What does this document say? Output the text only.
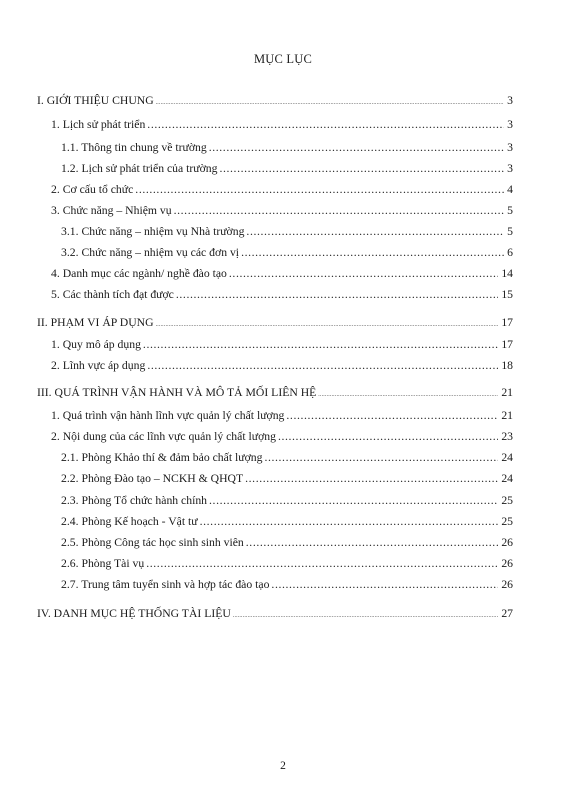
MỤC LỤC
I. GIỚI THIỆU CHUNG .....	3
1. Lịch sử phát triển .....	3
1.1. Thông tin chung về trường .....	3
1.2. Lịch sử phát triển của trường .....	3
2. Cơ cấu tổ chức .....	4
3. Chức năng – Nhiệm vụ .....	5
3.1. Chức năng – nhiệm vụ Nhà trường .....	5
3.2. Chức năng – nhiệm vụ các đơn vị .....	6
4. Danh mục các ngành/ nghề đào tạo .....	14
5. Các thành tích đạt được .....	15
II. PHẠM VI ÁP DỤNG .....	17
1. Quy mô áp dụng .....	17
2. Lĩnh vực áp dụng .....	18
III. QUÁ TRÌNH VẬN HÀNH VÀ MÔ TẢ MỐI LIÊN HỆ .....	21
1. Quá trình vận hành lĩnh vực quản lý chất lượng .....	21
2. Nội dung của các lĩnh vực quản lý chất lượng .....	23
2.1. Phòng Khảo thí & đảm bảo chất lượng .....	24
2.2. Phòng Đào tạo – NCKH & QHQT .....	24
2.3. Phòng Tổ chức hành chính .....	25
2.4. Phòng Kế hoạch - Vật tư .....	25
2.5. Phòng Công tác học sinh sinh viên .....	26
2.6. Phòng Tài vụ .....	26
2.7. Trung tâm tuyển sinh và hợp tác đào tạo .....	26
IV. DANH MỤC HỆ THỐNG TÀI LIỆU .....	27
2
